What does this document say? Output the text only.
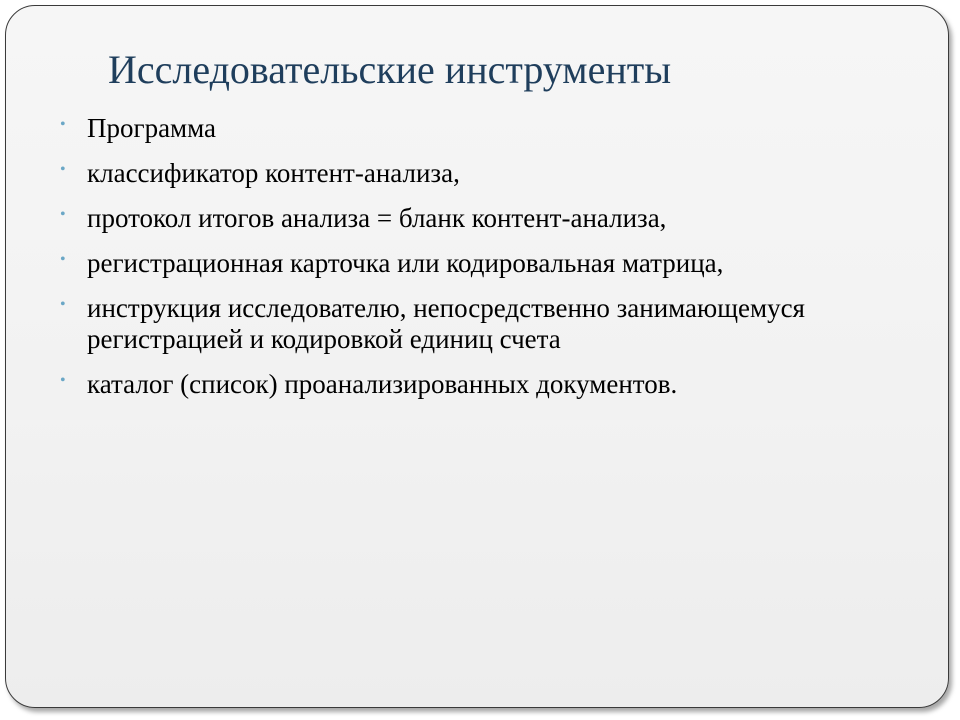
Исследовательские инструменты
• Программа
• классификатор контент-анализа,
• протокол итогов анализа = бланк контент-анализа,
• регистрационная карточка или кодировальная матрица,
• инструкция исследователю, непосредственно занимающемуся регистрацией и кодировкой единиц счета
• каталог (список) проанализированных документов.
